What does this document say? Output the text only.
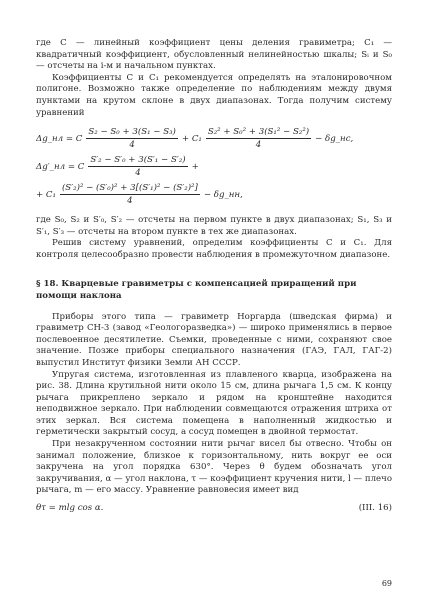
где C — линейный коэффициент цены деления гравиметра; C₁ — квадратичный коэффициент, обусловленный нелинейностью шкалы; Sᵢ и S₀ — отсчеты на i-м и начальном пунктах.

Коэффициенты C и C₁ рекомендуется определять на эталонировочном полигоне. Возможно также определение по наблюдениям между двумя пунктами на крутом склоне в двух диапазонах. Тогда получим систему уравнений

Δg_нл = C $\frac{\text{S₂ − S₀ + 3(S₁ − S₃)}}{4} + C_1 \frac{\text{S₂² + S₀² + 3(S₁² − S₂²)}}{4}$ − δg_нс,
Δg′_нл = C $\frac{\text{S′₂ − S′₀ + 3(S′₁ − S′₂)}}{4}$ +
+ $C_1 \frac{\text{(S′₂)² − (S′₀)² + 3[(S′₁)² − (S′₂)²]}}{4}$ − δg_нн,

где S₀, S₂ и S′₀, S′₂ — отсчеты на первом пункте в двух диапазонах; S₁, S₃ и S′₁, S′₃ — отсчеты на втором пункте в тех же диапазонах.

Решив систему уравнений, определим коэффициенты C и C₁. Для контроля целесообразно провести наблюдения в промежуточном диапазоне.

§ 18. Кварцевые гравиметры с компенсацией приращений при помощи наклона

Приборы этого типа — гравиметр Норгарда (шведская фирма) и гравиметр СН-3 (завод «Геологоразведка») — широко применялись в первое послевоенное десятилетие. Съемки, проведенные с ними, сохраняют свое значение. Позже приборы специального назначения (ГАЭ, ГАЛ, ГАГ-2) выпустил Институт физики Земли АН СССР.

Упругая система, изготовленная из плавленого кварца, изображена на рис. 38. Длина крутильной нити около 15 см, длина рычага 1,5 см. К концу рычага прикреплено зеркало и рядом на кронштейне находится неподвижное зеркало. При наблюдении совмещаются отражения штриха от этих зеркал. Вся система помещена в наполненный жидкостью и герметически закрытый сосуд, а сосуд помещен в двойной термостат.

При незакрученном состоянии нити рычаг висел бы отвесно. Чтобы он занимал положение, близкое к горизонтальному, нить вокруг ее оси закручена на угол порядка 630°. Через θ будем обозначать угол закручивания, α — угол наклона, τ — коэффициент кручения нити, l — плечо рычага, m — его массу. Уравнение равновесия имеет вид

θτ = mlg cos α.	(III. 16)
69
